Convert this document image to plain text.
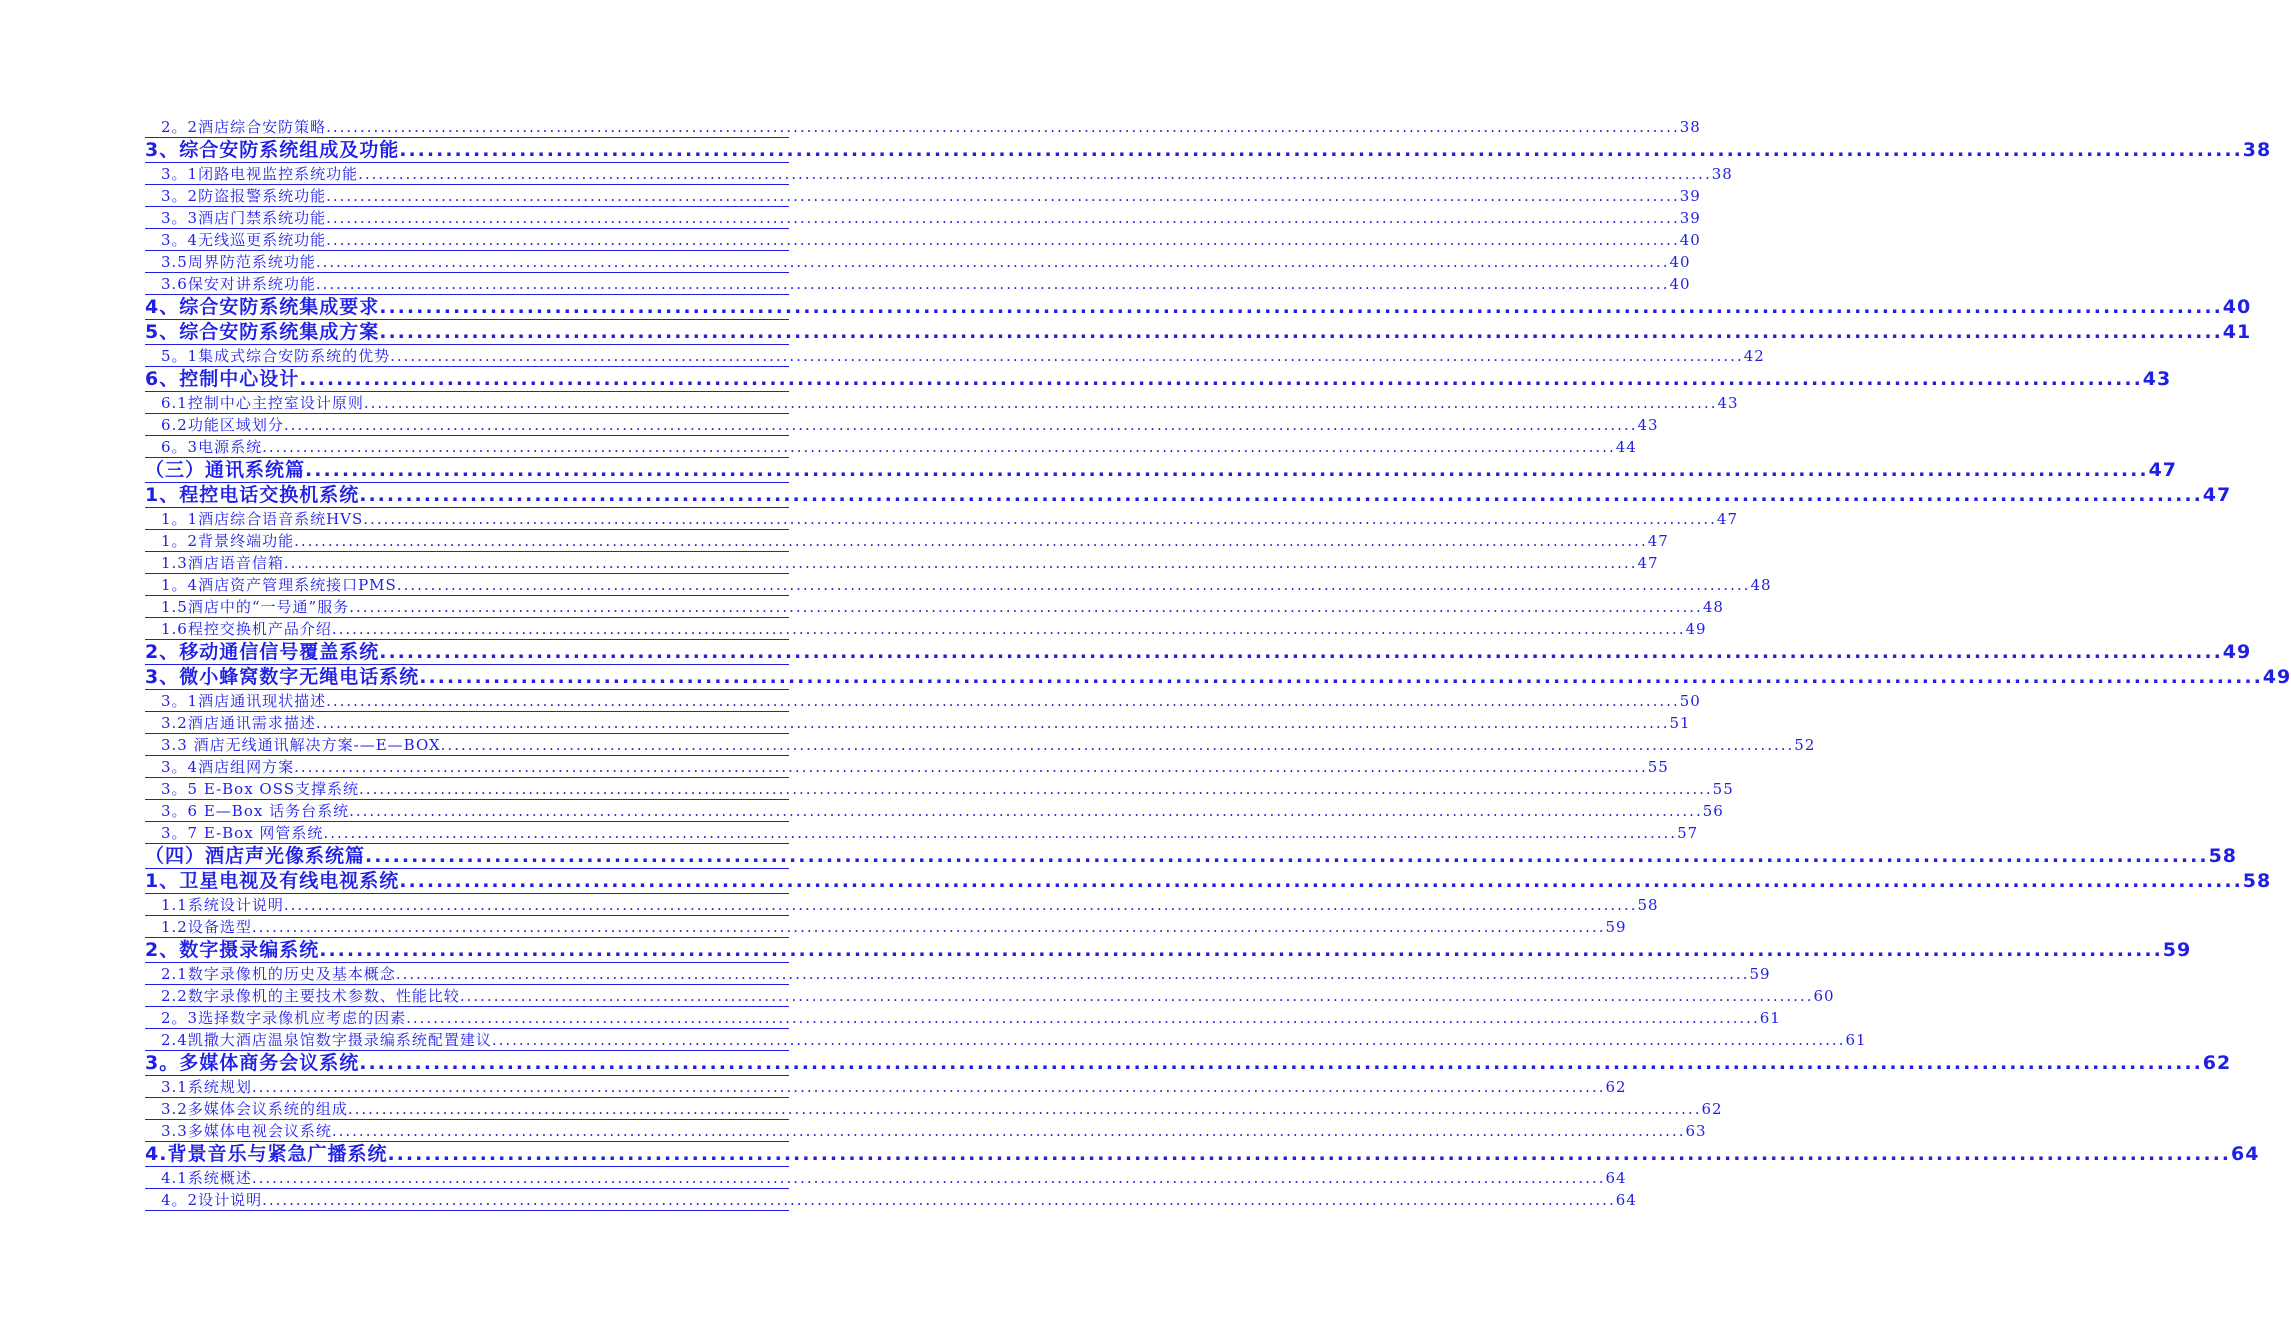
2。2酒店综合安防策略 ........................................................................................................................................................................................................ 38
3、综合安防系统组成及功能 ........................................................................................................................................................................................................ 38
3。1闭路电视监控系统功能 ........................................................................................................................................................................................................ 38
3。2防盗报警系统功能 ........................................................................................................................................................................................................ 39
3。3酒店门禁系统功能 ........................................................................................................................................................................................................ 39
3。4无线巡更系统功能 ........................................................................................................................................................................................................ 40
3.5周界防范系统功能 ........................................................................................................................................................................................................ 40
3.6保安对讲系统功能 ........................................................................................................................................................................................................ 40
4、综合安防系统集成要求 ........................................................................................................................................................................................................ 40
5、综合安防系统集成方案 ........................................................................................................................................................................................................ 41
5。1集成式综合安防系统的优势 ........................................................................................................................................................................................................ 42
6、控制中心设计 ........................................................................................................................................................................................................ 43
6.1控制中心主控室设计原则 ........................................................................................................................................................................................................ 43
6.2功能区域划分 ........................................................................................................................................................................................................ 43
6。3电源系统 ........................................................................................................................................................................................................ 44
（三）通讯系统篇 ........................................................................................................................................................................................................ 47
1、程控电话交换机系统 ........................................................................................................................................................................................................ 47
1。1酒店综合语音系统HVS ........................................................................................................................................................................................................ 47
1。2背景终端功能 ........................................................................................................................................................................................................ 47
1.3酒店语音信箱 ........................................................................................................................................................................................................ 47
1。4酒店资产管理系统接口PMS ........................................................................................................................................................................................................ 48
1.5酒店中的“一号通”服务 ........................................................................................................................................................................................................ 48
1.6程控交换机产品介绍 ........................................................................................................................................................................................................ 49
2、移动通信信号覆盖系统 ........................................................................................................................................................................................................ 49
3、微小蜂窝数字无绳电话系统 ........................................................................................................................................................................................................ 49
3。1酒店通讯现状描述 ........................................................................................................................................................................................................ 50
3.2酒店通讯需求描述 ........................................................................................................................................................................................................ 51
3.3 酒店无线通讯解决方案-—E—BOX ........................................................................................................................................................................................................ 52
3。4酒店组网方案 ........................................................................................................................................................................................................ 55
3。5 E-Box OSS支撑系统 ........................................................................................................................................................................................................ 55
3。6 E—Box 话务台系统 ........................................................................................................................................................................................................ 56
3。7 E-Box 网管系统 ........................................................................................................................................................................................................ 57
（四）酒店声光像系统篇 ........................................................................................................................................................................................................ 58
1、卫星电视及有线电视系统 ........................................................................................................................................................................................................ 58
1.1系统设计说明 ........................................................................................................................................................................................................ 58
1.2设备选型 ........................................................................................................................................................................................................ 59
2、数字摄录编系统 ........................................................................................................................................................................................................ 59
2.1数字录像机的历史及基本概念 ........................................................................................................................................................................................................ 59
2.2数字录像机的主要技术参数、性能比较 ........................................................................................................................................................................................................ 60
2。3选择数字录像机应考虑的因素 ........................................................................................................................................................................................................ 61
2.4凯撒大酒店温泉馆数字摄录编系统配置建议 ........................................................................................................................................................................................................ 61
3。多媒体商务会议系统 ........................................................................................................................................................................................................ 62
3.1系统规划 ........................................................................................................................................................................................................ 62
3.2多媒体会议系统的组成 ........................................................................................................................................................................................................ 62
3.3多媒体电视会议系统 ........................................................................................................................................................................................................ 63
4.背景音乐与紧急广播系统 ........................................................................................................................................................................................................ 64
4.1系统概述 ........................................................................................................................................................................................................ 64
4。2设计说明 ........................................................................................................................................................................................................ 64
